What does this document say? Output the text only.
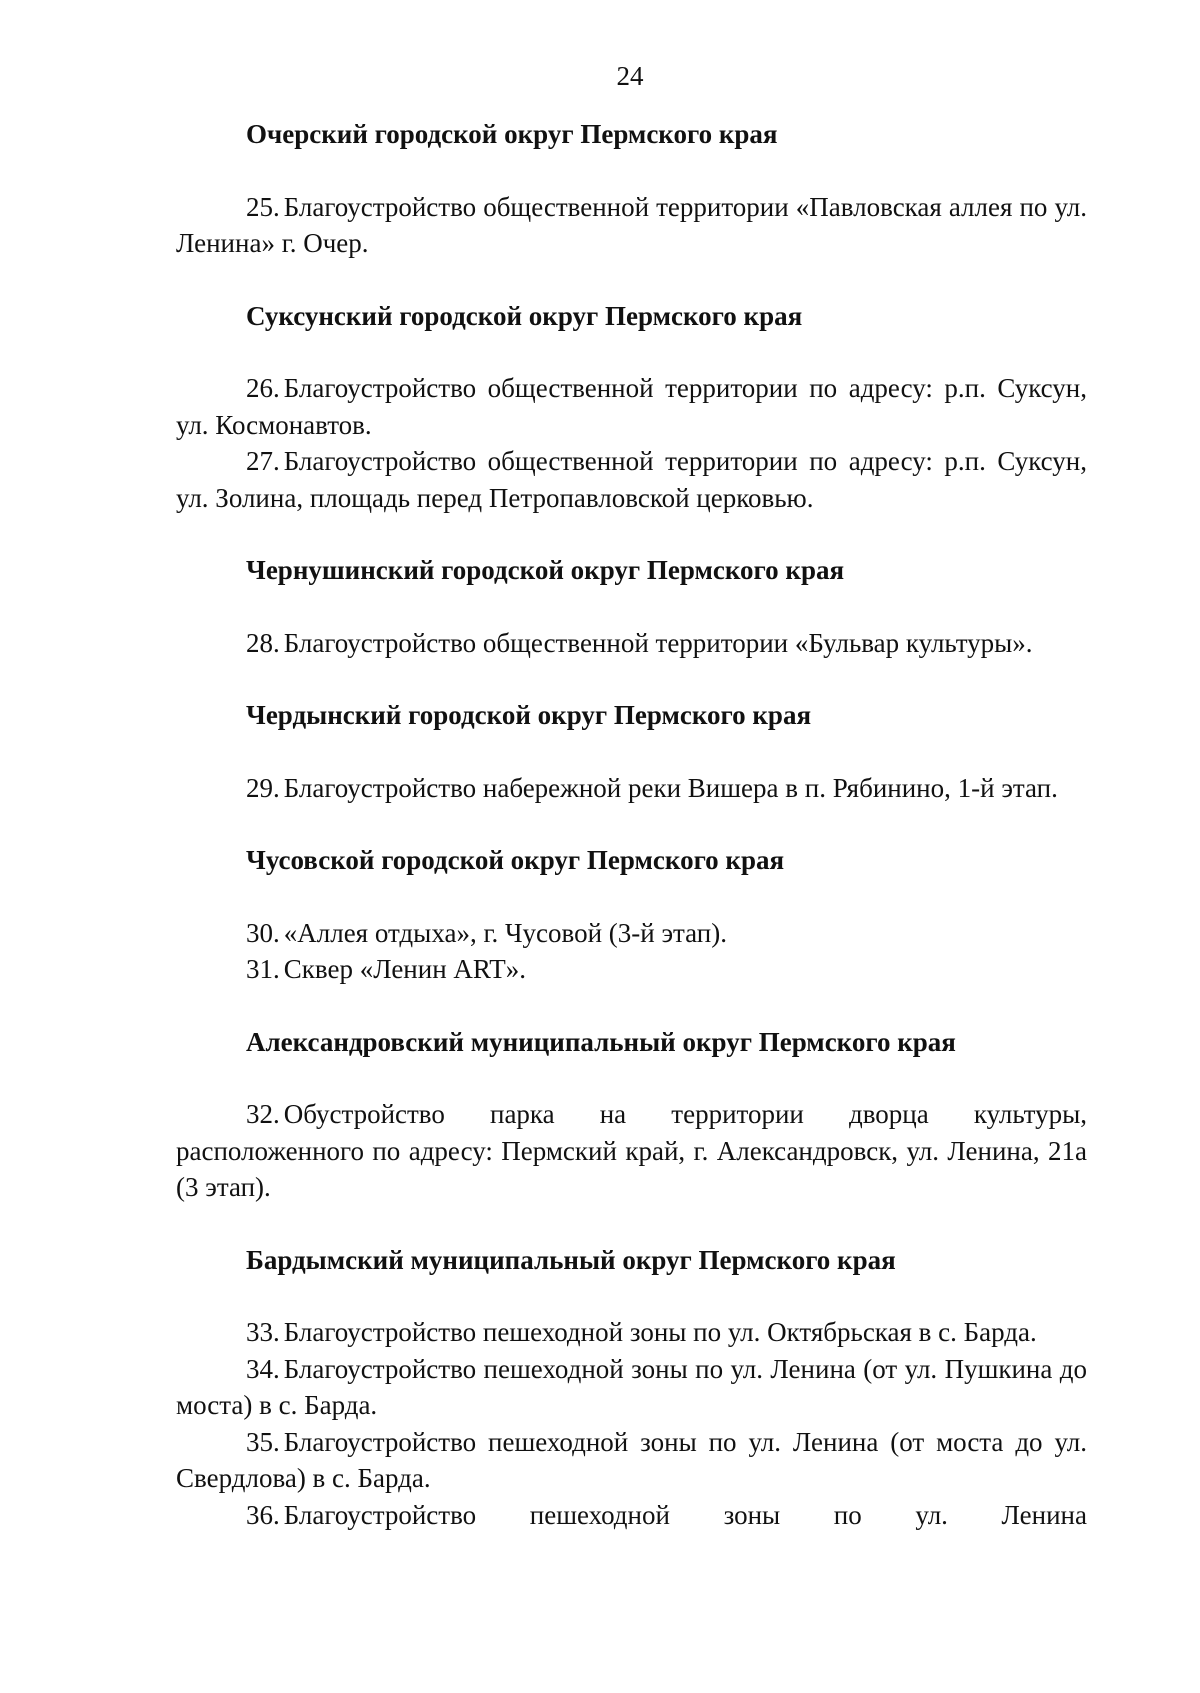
24
Очерский городской округ Пермского края

25. Благоустройство общественной территории «Павловская аллея по ул. Ленина» г. Очер.

Суксунский городской округ Пермского края

26. Благоустройство общественной территории по адресу: р.п. Суксун, ул. Космонавтов.

27. Благоустройство общественной территории по адресу: р.п. Суксун, ул. Золина, площадь перед Петропавловской церковью.

Чернушинский городской округ Пермского края

28. Благоустройство общественной территории «Бульвар культуры».

Чердынский городской округ Пермского края

29. Благоустройство набережной реки Вишера в п. Рябинино, 1-й этап.

Чусовской городской округ Пермского края

30. «Аллея отдыха», г. Чусовой (3-й этап).

31. Сквер «Ленин ART».

Александровский муниципальный округ Пермского края

32. Обустройство парка на территории дворца культуры, расположенного по адресу: Пермский край, г. Александровск, ул. Ленина, 21а (3 этап).

Бардымский муниципальный округ Пермского края

33. Благоустройство пешеходной зоны по ул. Октябрьская в с. Барда.

34. Благоустройство пешеходной зоны по ул. Ленина (от ул. Пушкина до моста) в с. Барда.

35. Благоустройство пешеходной зоны по ул. Ленина (от моста до ул. Свердлова) в с. Барда.

36. Благоустройство пешеходной зоны по ул. Ленина
